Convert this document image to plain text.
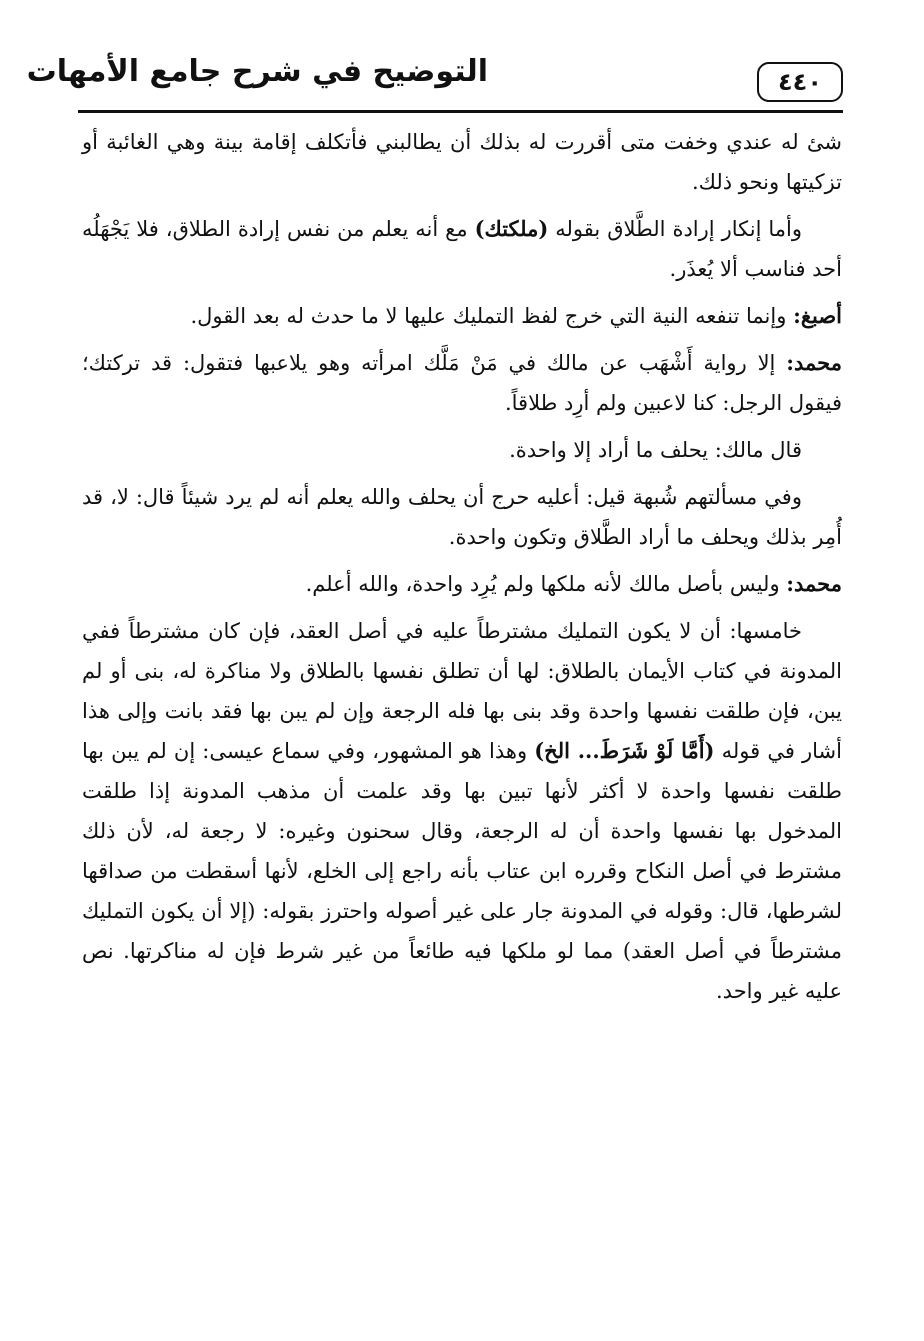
التوضيح في شرح جامع الأمهات	٤٤٠

شئ له عندي وخفت متى أقررت له بذلك أن يطالبني فأتكلف إقامة بينة وهي الغائبة أو تزكيتها ونحو ذلك.

وأما إنكار إرادة الطَّلاق بقوله (ملكتك) مع أنه يعلم من نفس إرادة الطلاق، فلا يَجْهَلُه أحد فناسب ألا يُعذَر.

أصبغ: وإنما تنفعه النية التي خرج لفظ التمليك عليها لا ما حدث له بعد القول.

محمد: إلا رواية أَشْهَب عن مالك في مَنْ مَلَّك امرأته وهو يلاعبها فتقول: قد تركتك؛ فيقول الرجل: كنا لاعبين ولم أرِد طلاقاً.

قال مالك: يحلف ما أراد إلا واحدة.

وفي مسألتهم شُبهة قيل: أعليه حرج أن يحلف والله يعلم أنه لم يرد شيئاً قال: لا، قد أُمِر بذلك ويحلف ما أراد الطَّلاق وتكون واحدة.

محمد: وليس بأصل مالك لأنه ملكها ولم يُرِد واحدة، والله أعلم.

خامسها: أن لا يكون التمليك مشترطاً عليه في أصل العقد، فإن كان مشترطاً ففي المدونة في كتاب الأيمان بالطلاق: لها أن تطلق نفسها بالطلاق ولا مناكرة له، بنى أو لم يبن، فإن طلقت نفسها واحدة وقد بنى بها فله الرجعة وإن لم يبن بها فقد بانت وإلى هذا أشار في قوله (أَمَّا لَوْ شَرَطَ... الخ) وهذا هو المشهور، وفي سماع عيسى: إن لم يبن بها طلقت نفسها واحدة لا أكثر لأنها تبين بها وقد علمت أن مذهب المدونة إذا طلقت المدخول بها نفسها واحدة أن له الرجعة، وقال سحنون وغيره: لا رجعة له، لأن ذلك مشترط في أصل النكاح وقرره ابن عتاب بأنه راجع إلى الخلع، لأنها أسقطت من صداقها لشرطها، قال: وقوله في المدونة جار على غير أصوله واحترز بقوله: (إلا أن يكون التمليك مشترطاً في أصل العقد) مما لو ملكها فيه طائعاً من غير شرط فإن له مناكرتها. نص عليه غير واحد.
